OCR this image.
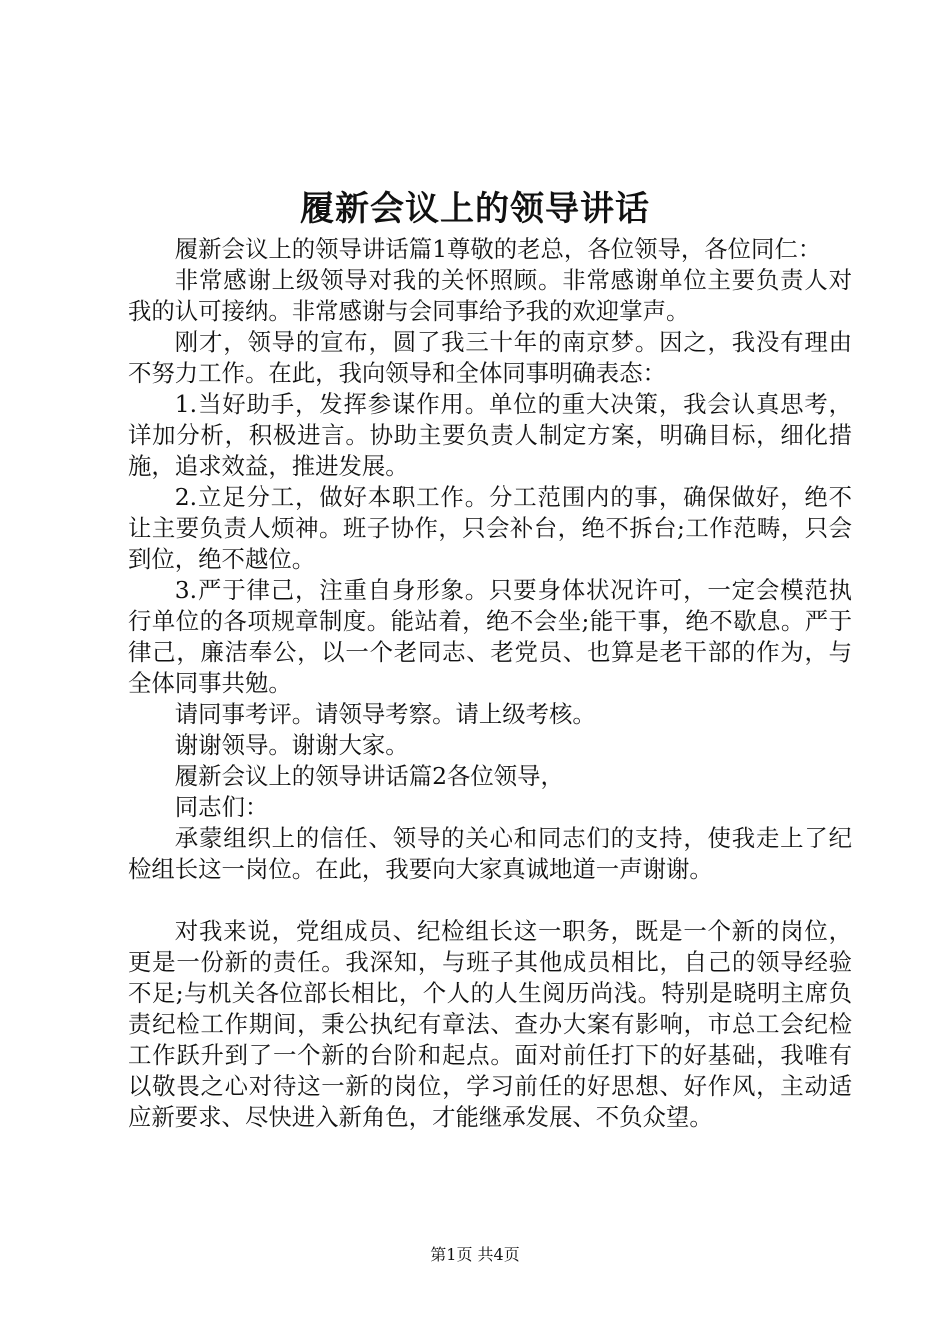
履新会议上的领导讲话

履新会议上的领导讲话篇1尊敬的老总，各位领导，各位同仁：

非常感谢上级领导对我的关怀照顾。非常感谢单位主要负责人对我的认可接纳。非常感谢与会同事给予我的欢迎掌声。

刚才，领导的宣布，圆了我三十年的南京梦。因之，我没有理由不努力工作。在此，我向领导和全体同事明确表态：

1.当好助手，发挥参谋作用。单位的重大决策，我会认真思考，详加分析，积极进言。协助主要负责人制定方案，明确目标，细化措施，追求效益，推进发展。

2.立足分工，做好本职工作。分工范围内的事，确保做好，绝不让主要负责人烦神。班子协作，只会补台，绝不拆台;工作范畴，只会到位，绝不越位。

3.严于律己，注重自身形象。只要身体状况许可，一定会模范执行单位的各项规章制度。能站着，绝不会坐;能干事，绝不歇息。严于律己，廉洁奉公，以一个老同志、老党员、也算是老干部的作为，与全体同事共勉。

请同事考评。请领导考察。请上级考核。

谢谢领导。谢谢大家。

履新会议上的领导讲话篇2各位领导，

同志们：

承蒙组织上的信任、领导的关心和同志们的支持，使我走上了纪检组长这一岗位。在此，我要向大家真诚地道一声谢谢。

对我来说，党组成员、纪检组长这一职务，既是一个新的岗位，更是一份新的责任。我深知，与班子其他成员相比，自己的领导经验不足;与机关各位部长相比，个人的人生阅历尚浅。特别是晓明主席负责纪检工作期间，秉公执纪有章法、查办大案有影响，市总工会纪检工作跃升到了一个新的台阶和起点。面对前任打下的好基础，我唯有以敬畏之心对待这一新的岗位，学习前任的好思想、好作风，主动适应新要求、尽快进入新角色，才能继承发展、不负众望。

第1页 共4页
